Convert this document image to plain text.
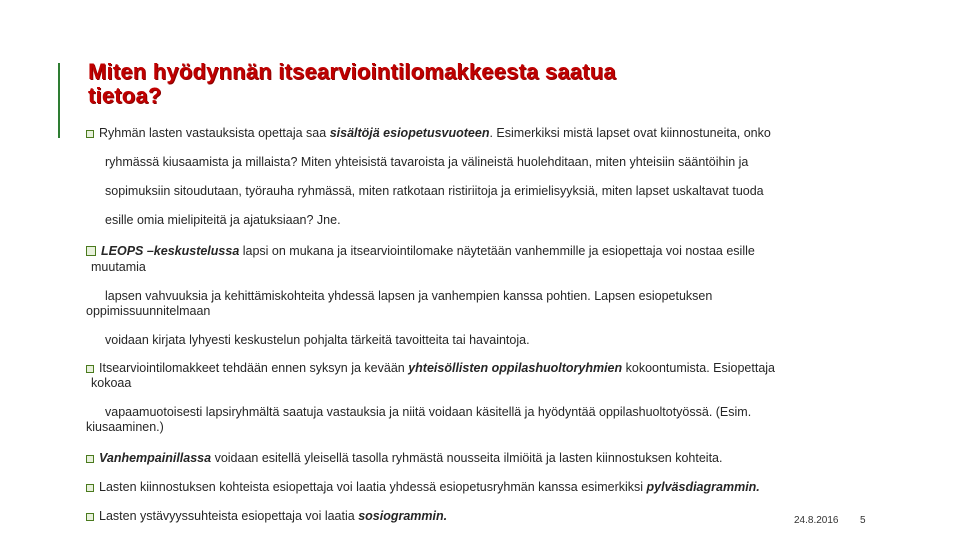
Miten hyödynnän itsearviointilomakkeesta saatua
tietoa?
Ryhmän lasten vastauksista opettaja saa sisältöjä esiopetusvuoteen. Esimerkiksi mistä lapset ovat kiinnostuneita, onko
ryhmässä kiusaamista ja millaista? Miten yhteisistä tavaroista ja välineistä huolehditaan, miten yhteisiin sääntöihin ja
sopimuksiin sitoudutaan, työrauha ryhmässä, miten ratkotaan ristiriitoja ja erimielisyyksiä, miten lapset uskaltavat tuoda
esille omia mielipiteitä ja ajatuksiaan? Jne.
LEOPS –keskustelussa lapsi on mukana ja itsearviointilomake näytetään vanhemmille ja esiopettaja voi nostaa esille
muutamia
lapsen vahvuuksia ja kehittämiskohteita yhdessä lapsen ja vanhempien kanssa pohtien. Lapsen esiopetuksen
oppimissuunnitelmaan
voidaan kirjata lyhyesti keskustelun pohjalta tärkeitä tavoitteita tai havaintoja.
Itsearviointilomakkeet tehdään ennen syksyn ja kevään yhteisöllisten oppilashuoltoryhmien kokoontumista. Esiopettaja
kokoaa
vapaamuotoisesti lapsiryhmältä saatuja vastauksia ja niitä voidaan käsitellä ja hyödyntää oppilashuoltotyössä. (Esim.
kiusaaminen.)
Vanhempainillassa voidaan esitellä yleisellä tasolla ryhmästä nousseita ilmiöitä ja lasten kiinnostuksen kohteita.
Lasten kiinnostuksen kohteista esiopettaja voi laatia yhdessä esiopetusryhmän kanssa esimerkiksi pylväsdiagrammin.
Lasten ystävyyssuhteista esiopettaja voi laatia sosiogrammin.	24.8.2016 5
